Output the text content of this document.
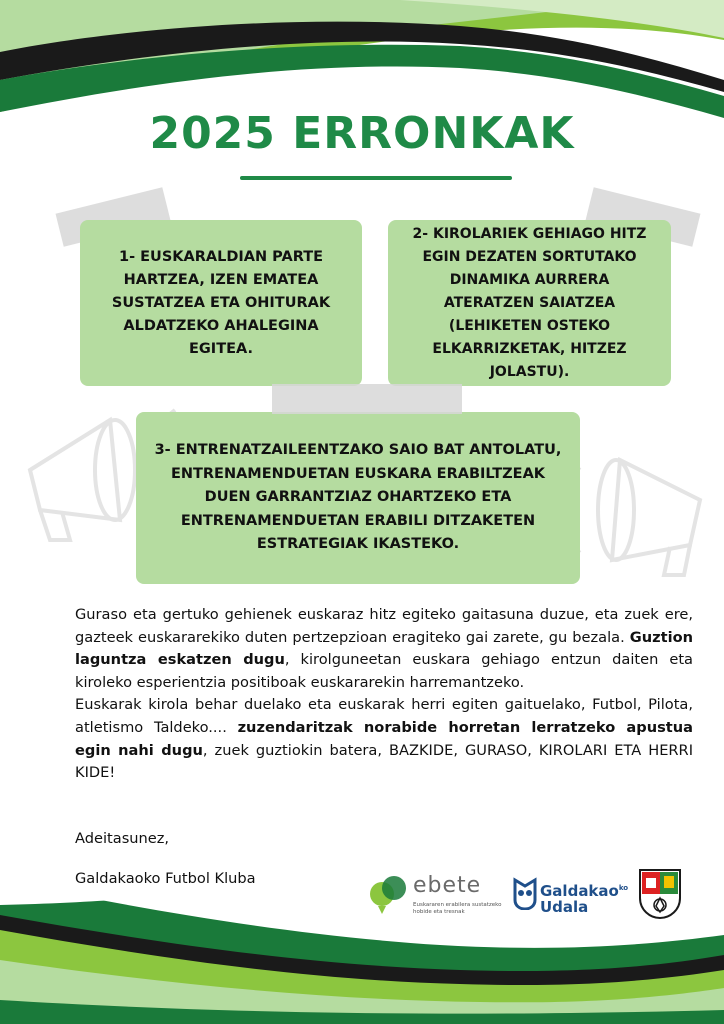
2025 ERRONKAK
1- EUSKARALDIAN PARTE HARTZEA, IZEN EMATEA SUSTATZEA ETA OHITURAK ALDATZEKO AHALEGINA EGITEA.
2- KIROLARIEK GEHIAGO HITZ EGIN DEZATEN SORTUTAKO DINAMIKA AURRERA ATERATZEN SAIATZEA (LEHIKETEN OSTEKO ELKARRIZKETAK, HITZEZ JOLASTU).
3- ENTRENATZAILEENTZAKO SAIO BAT ANTOLATU, ENTRENAMENDUETAN EUSKARA ERABILTZEAK DUEN GARRANTZIAZ OHARTZEKO ETA ENTRENAMENDUETAN ERABILI DITZAKETEN ESTRATEGIAK IKASTEKO.

Guraso eta gertuko gehienek euskaraz hitz egiteko gaitasuna duzue, eta zuek ere, gazteek euskararekiko duten pertzepzioan eragiteko gai zarete, gu bezala. Guztion laguntza eskatzen dugu, kirolguneetan euskara gehiago entzun daiten eta kiroleko esperientzia positiboak euskararekin harremantzeko.

Euskarak kirola behar duelako eta euskarak herri egiten gaituelako, Futbol, Pilota, atletismo Taldeko.... zuzendaritzak norabide horretan lerratzeko apustua egin nahi dugu, zuek guztiokin batera, BAZKIDE, GURASO, KIROLARI ETA HERRI KIDE!

Adeitasunez,
Galdakaoko Futbol Kluba	ebete
Euskararen erabilera sustatzeko hobide eta tresnak
Galdakao$^{ko}$
Udala
